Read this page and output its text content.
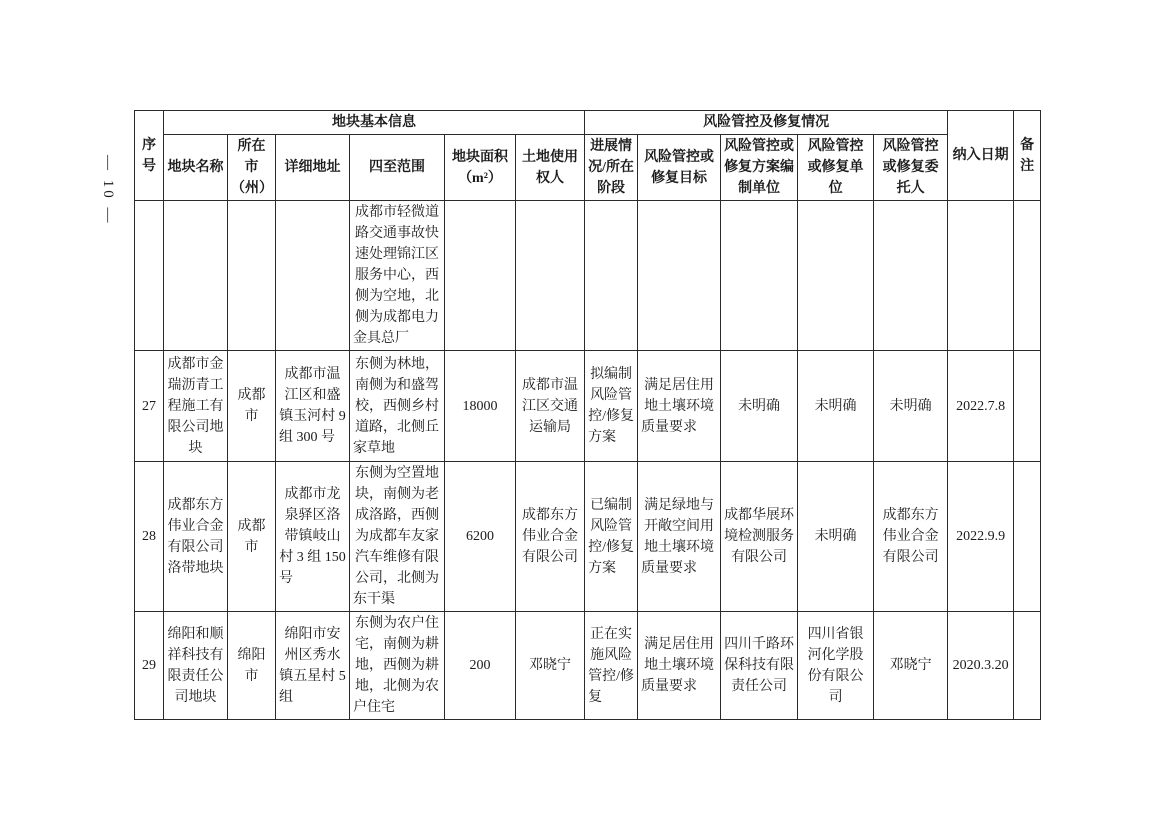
— 10 —
序号	地块基本信息						风险管控及修复情况					纳入日期	备注
	地块名称	所在市（州）	详细地址	四至范围	地块面积（m²）	土地使用权人	进展情况/所在阶段	风险管控或修复目标	风险管控或修复方案编制单位	风险管控或修复单位	风险管控或修复委托人		
				成都市轻微道路交通事故快速处理锦江区服务中心，西侧为空地，北侧为成都电力金具总厂									
27	成都市金瑞沥青工程施工有限公司地块	成都市	成都市温江区和盛镇玉河村 9 组 300 号	东侧为林地，南侧为和盛驾校，西侧乡村道路，北侧丘家草地	18000	成都市温江区交通运输局	拟编制风险管控/修复方案	满足居住用地土壤环境质量要求	未明确	未明确	未明确	2022.7.8	
28	成都东方伟业合金有限公司洛带地块	成都市	成都市龙泉驿区洛带镇岐山村 3 组 150 号	东侧为空置地块，南侧为老成洛路，西侧为成都车友家汽车维修有限公司，北侧为东干渠	6200	成都东方伟业合金有限公司	已编制风险管控/修复方案	满足绿地与开敞空间用地土壤环境质量要求	成都华展环境检测服务有限公司	未明确	成都东方伟业合金有限公司	2022.9.9	
29	绵阳和顺祥科技有限责任公司地块	绵阳市	绵阳市安州区秀水镇五星村 5 组	东侧为农户住宅，南侧为耕地，西侧为耕地，北侧为农户住宅	200	邓晓宁	正在实施风险管控/修复	满足居住用地土壤环境质量要求	四川千路环保科技有限责任公司	四川省银河化学股份有限公司	邓晓宁	2020.3.20	
